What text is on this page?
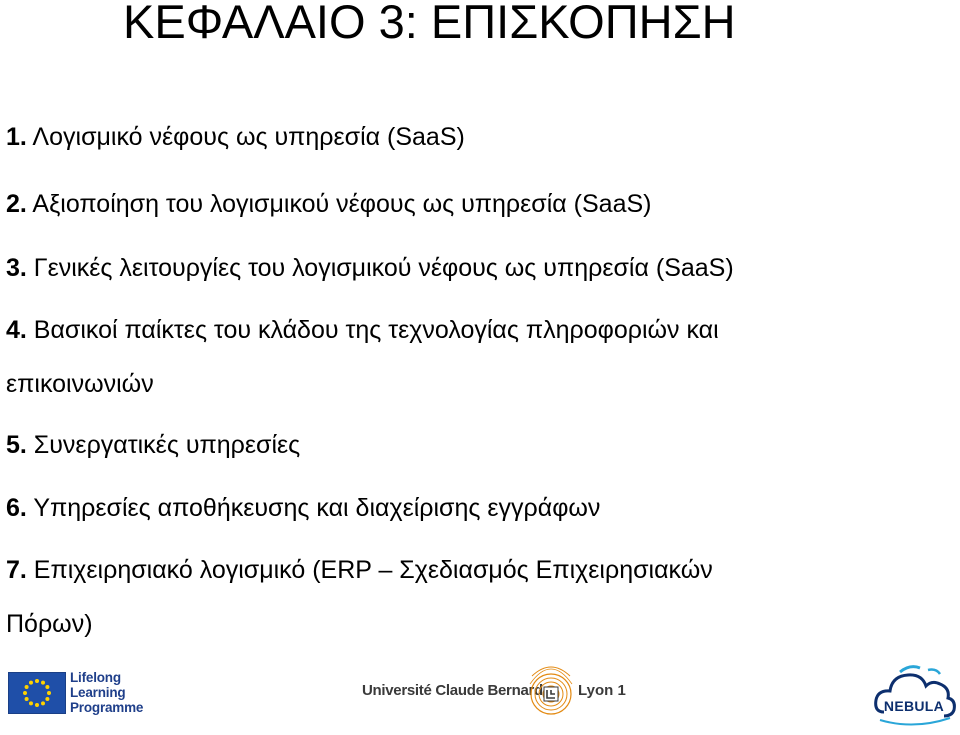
ΚΕΦΑΛΑΙΟ 3: ΕΠΙΣΚΟΠΗΣΗ
1. Λογισμικό νέφους ως υπηρεσία (SaaS)
2. Αξιοποίηση του λογισμικού νέφους ως υπηρεσία (SaaS)
3. Γενικές λειτουργίες του λογισμικού νέφους ως υπηρεσία (SaaS)
4. Βασικοί παίκτες του κλάδου της τεχνολογίας πληροφοριών και
επικοινωνιών
5. Συνεργατικές υπηρεσίες
6. Υπηρεσίες αποθήκευσης και διαχείρισης εγγράφων
7. Επιχειρησιακό λογισμικό (ERP – Σχεδιασμός Επιχειρησιακών
Πόρων)
Lifelong
Learning
Programme
Université Claude Bernard Lyon 1
NEBULA
